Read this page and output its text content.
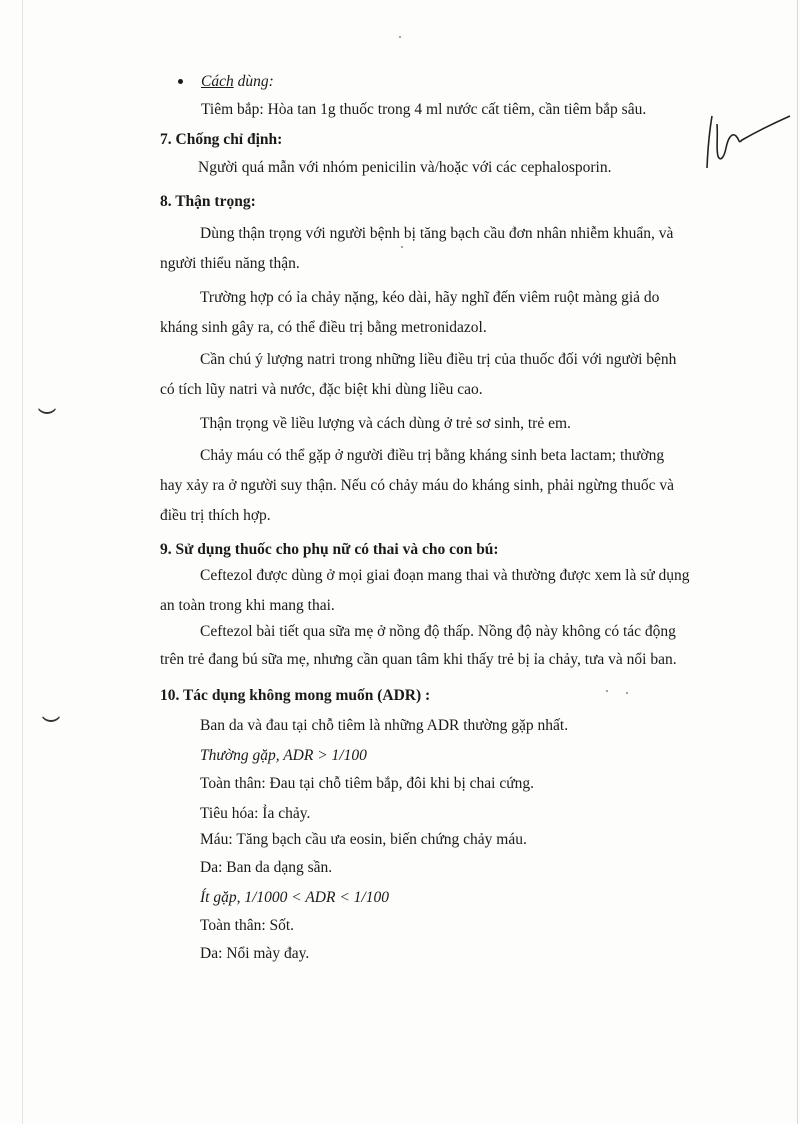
Cách dùng:
Tiêm bắp: Hòa tan 1g thuốc trong 4 ml nước cất tiêm, cần tiêm bắp sâu.
7. Chống chỉ định:
Người quá mẫn với nhóm penicilin và/hoặc với các cephalosporin.
8. Thận trọng:
Dùng thận trọng với người bệnh bị tăng bạch cầu đơn nhân nhiễm khuẩn, và
người thiểu năng thận.
Trường hợp có ỉa chảy nặng, kéo dài, hãy nghĩ đến viêm ruột màng giả do
kháng sinh gây ra, có thể điều trị bằng metronidazol.
Cần chú ý lượng natri trong những liều điều trị của thuốc đối với người bệnh
có tích lũy natri và nước, đặc biệt khi dùng liều cao.
Thận trọng về liều lượng và cách dùng ở trẻ sơ sinh, trẻ em.
Chảy máu có thể gặp ở người điều trị bằng kháng sinh beta lactam; thường
hay xảy ra ở người suy thận. Nếu có chảy máu do kháng sinh, phải ngừng thuốc và
điều trị thích hợp.
9. Sử dụng thuốc cho phụ nữ có thai và cho con bú:
Ceftezol được dùng ở mọi giai đoạn mang thai và thường được xem là sử dụng
an toàn trong khi mang thai.
Ceftezol bài tiết qua sữa mẹ ở nồng độ thấp. Nồng độ này không có tác động
trên trẻ đang bú sữa mẹ, nhưng cần quan tâm khi thấy trẻ bị ỉa chảy, tưa và nổi ban.
10. Tác dụng không mong muốn (ADR) :
Ban da và đau tại chỗ tiêm là những ADR thường gặp nhất.
Thường gặp, ADR > 1/100
Toàn thân: Đau tại chỗ tiêm bắp, đôi khi bị chai cứng.
Tiêu hóa: Ỉa chảy.
Máu: Tăng bạch cầu ưa eosin, biến chứng chảy máu.
Da: Ban da dạng sần.
Ít gặp, 1/1000 < ADR < 1/100
Toàn thân: Sốt.
Da: Nổi mày đay.
